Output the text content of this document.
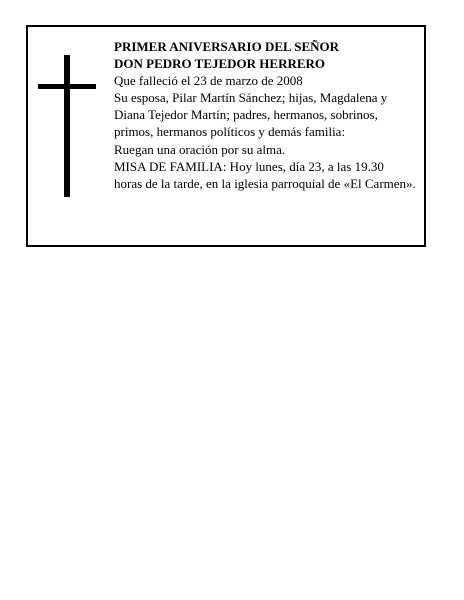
PRIMER ANIVERSARIO DEL SEÑOR
DON PEDRO TEJEDOR HERRERO
Que falleció el 23 de marzo de 2008
Su esposa, Pilar Martín Sánchez; hijas, Magdalena y
Diana Tejedor Martín; padres, hermanos, sobrinos,
primos, hermanos políticos y demás familia:
Ruegan una oración por su alma.
MISA DE FAMILIA: Hoy lunes, día 23, a las 19.30
horas de la tarde, en la iglesia parroquial de «El Carmen».
